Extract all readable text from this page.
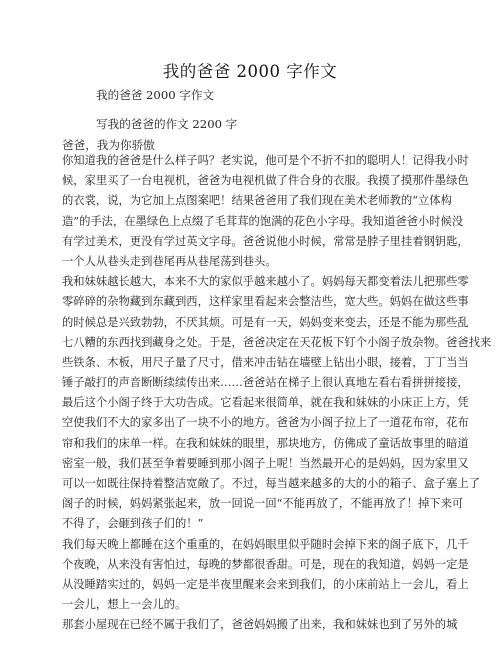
我的爸爸 2000 字作文
我的爸爸 2000 字作文
写我的爸爸的作文 2200 字
爸爸，我为你骄傲
你知道我的爸爸是什么样子吗？老实说，他可是个不折不扣的聪明人！记得我小时
候，家里买了一台电视机，爸爸为电视机做了件合身的衣服。我摸了摸那件墨绿色
的衣裳，说，为它加上点图案吧！结果爸爸用了我们现在美术老师教的“立体构
造”的手法，在墨绿色上点缀了毛茸茸的饱满的花色小字母。我知道爸爸小时候没
有学过美术，更没有学过英文字母。爸爸说他小时候，常常是脖子里挂着钢钥匙，
一个人从巷头走到巷尾再从巷尾荡到巷头。
我和妹妹越长越大，本来不大的家似乎越来越小了。妈妈每天都变着法儿把那些零
零碎碎的杂物藏到东藏到西，这样家里看起来会整洁些，宽大些。妈妈在做这些事
的时候总是兴致勃勃，不厌其烦。可是有一天，妈妈变来变去，还是不能为那些乱
七八糟的东西找到藏身之处。于是，爸爸决定在天花板下钉个小阁子放杂物。爸爸找来
些铁条、木板，用尺子量了尺寸，借来冲击钻在墙壁上钻出小眼，接着，丁丁当当
锤子敲打的声音断断续续传出来……爸爸站在梯子上很认真地左看右看拼拼接接，
最后这个小阁子终于大功告成。它看起来很简单，就在我和妹妹的小床正上方，凭
空使我们不大的家多出了一块不小的地方。爸爸为小阁子拉上了一道花布帘，花布
帘和我们的床单一样。在我和妹妹的眼里，那块地方，仿佛成了童话故事里的暗道
密室一般，我们甚至争着要睡到那小阁子上呢！当然最开心的是妈妈，因为家里又
可以一如既往保持着整洁宽敞了。不过，每当越来越多的大的小的箱子、盒子塞上了
阁子的时候，妈妈紧张起来，放一回说一回“不能再放了，不能再放了！掉下来可
不得了，会砸到孩子们的！”
我们每天晚上都睡在这个重重的，在妈妈眼里似乎随时会掉下来的阁子底下，几千
个夜晚，从来没有害怕过，每晚的梦都很香甜。可是，现在的我知道，妈妈一定是
从没睡踏实过的，妈妈一定是半夜里醒来会来到我们，的小床前站上一会儿，看上
一会儿，想上一会儿的。
那套小屋现在已经不属于我们了，爸爸妈妈搬了出来，我和妹妹也到了另外的城
